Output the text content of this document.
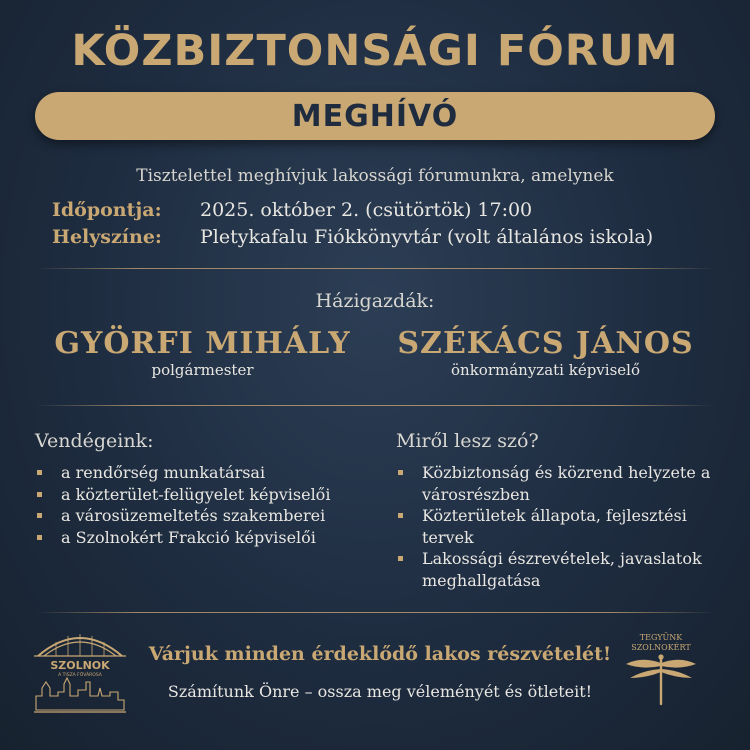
KÖZBIZTONSÁGI FÓRUM
MEGHÍVÓ
Tisztelettel meghívjuk lakossági fórumunkra, amelynek
Időpontja: 2025. október 2. (csütörtök) 17:00
Helyszíne: Pletykafalu Fiókkönyvtár (volt általános iskola)
Házigazdák:
GYÖRFI MIHÁLY
polgármester
SZÉKÁCS JÁNOS
önkormányzati képviselő
Vendégeink:
a rendőrség munkatársai
a közterület-felügyelet képviselői
a városüzemeltetés szakemberei
a Szolnokért Frakció képviselői
Miről lesz szó?
Közbiztonság és közrend helyzete a városrészben
Közterületek állapota, fejlesztési tervek
Lakossági észrevételek, javaslatok meghallgatása
SZOLNOK
A TISZA FŐVÁROSA
Várjuk minden érdeklődő lakos részvételét!
Számítunk Önre – ossza meg véleményét és ötleteit!
TEGYÜNK
SZOLNOKÉRT
